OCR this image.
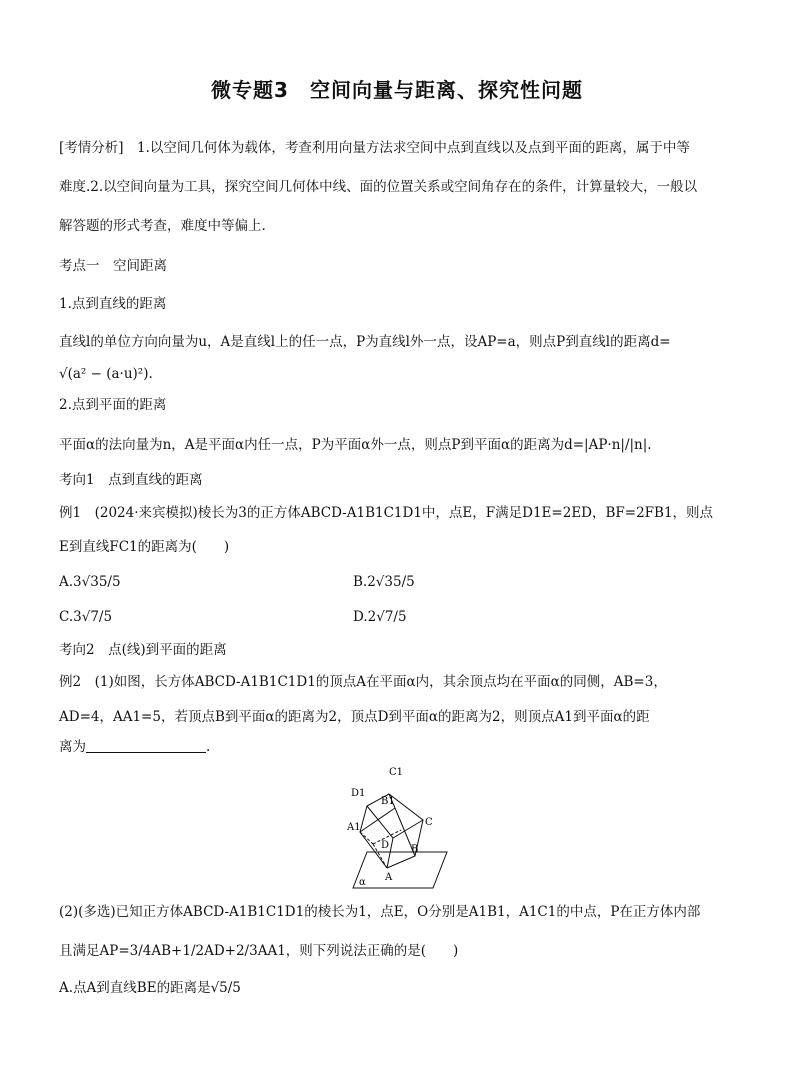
微专题3　空间向量与距离、探究性问题
[考情分析]　1.以空间几何体为载体，考查利用向量方法求空间中点到直线以及点到平面的距离，属于中等
难度.2.以空间向量为工具，探究空间几何体中线、面的位置关系或空间角存在的条件，计算量较大，一般以
解答题的形式考查，难度中等偏上.
考点一　空间距离
1.点到直线的距离
直线l的单位方向向量为u，A是直线l上的任一点，P为直线l外一点，设AP=a，则点P到直线l的距离d=
√(a² − (a·u)²).
2.点到平面的距离
平面α的法向量为n，A是平面α内任一点，P为平面α外一点，则点P到平面α的距离为d=|AP·n|/|n|.
考向1　点到直线的距离
例1　(2024·来宾模拟)棱长为3的正方体ABCD-A1B1C1D1中，点E，F满足D1E=2ED，BF=2FB1，则点
E到直线FC1的距离为(　　)
A.3√35/5	B.2√35/5
C.3√7/5	D.2√7/5
考向2　点(线)到平面的距离
例2　(1)如图，长方体ABCD-A1B1C1D1的顶点A在平面α内，其余顶点均在平面α的同侧，AB=3，
AD=4，AA1=5，若顶点B到平面α的距离为2，顶点D到平面α的距离为2，则顶点A1到平面α的距
离为	.
C1
D1
B1
A1	C
D B
A
α
(2)(多选)已知正方体ABCD-A1B1C1D1的棱长为1，点E，O分别是A1B1，A1C1的中点，P在正方体内部
且满足AP=3/4AB+1/2AD+2/3AA1，则下列说法正确的是(　　)
A.点A到直线BE的距离是√5/5
